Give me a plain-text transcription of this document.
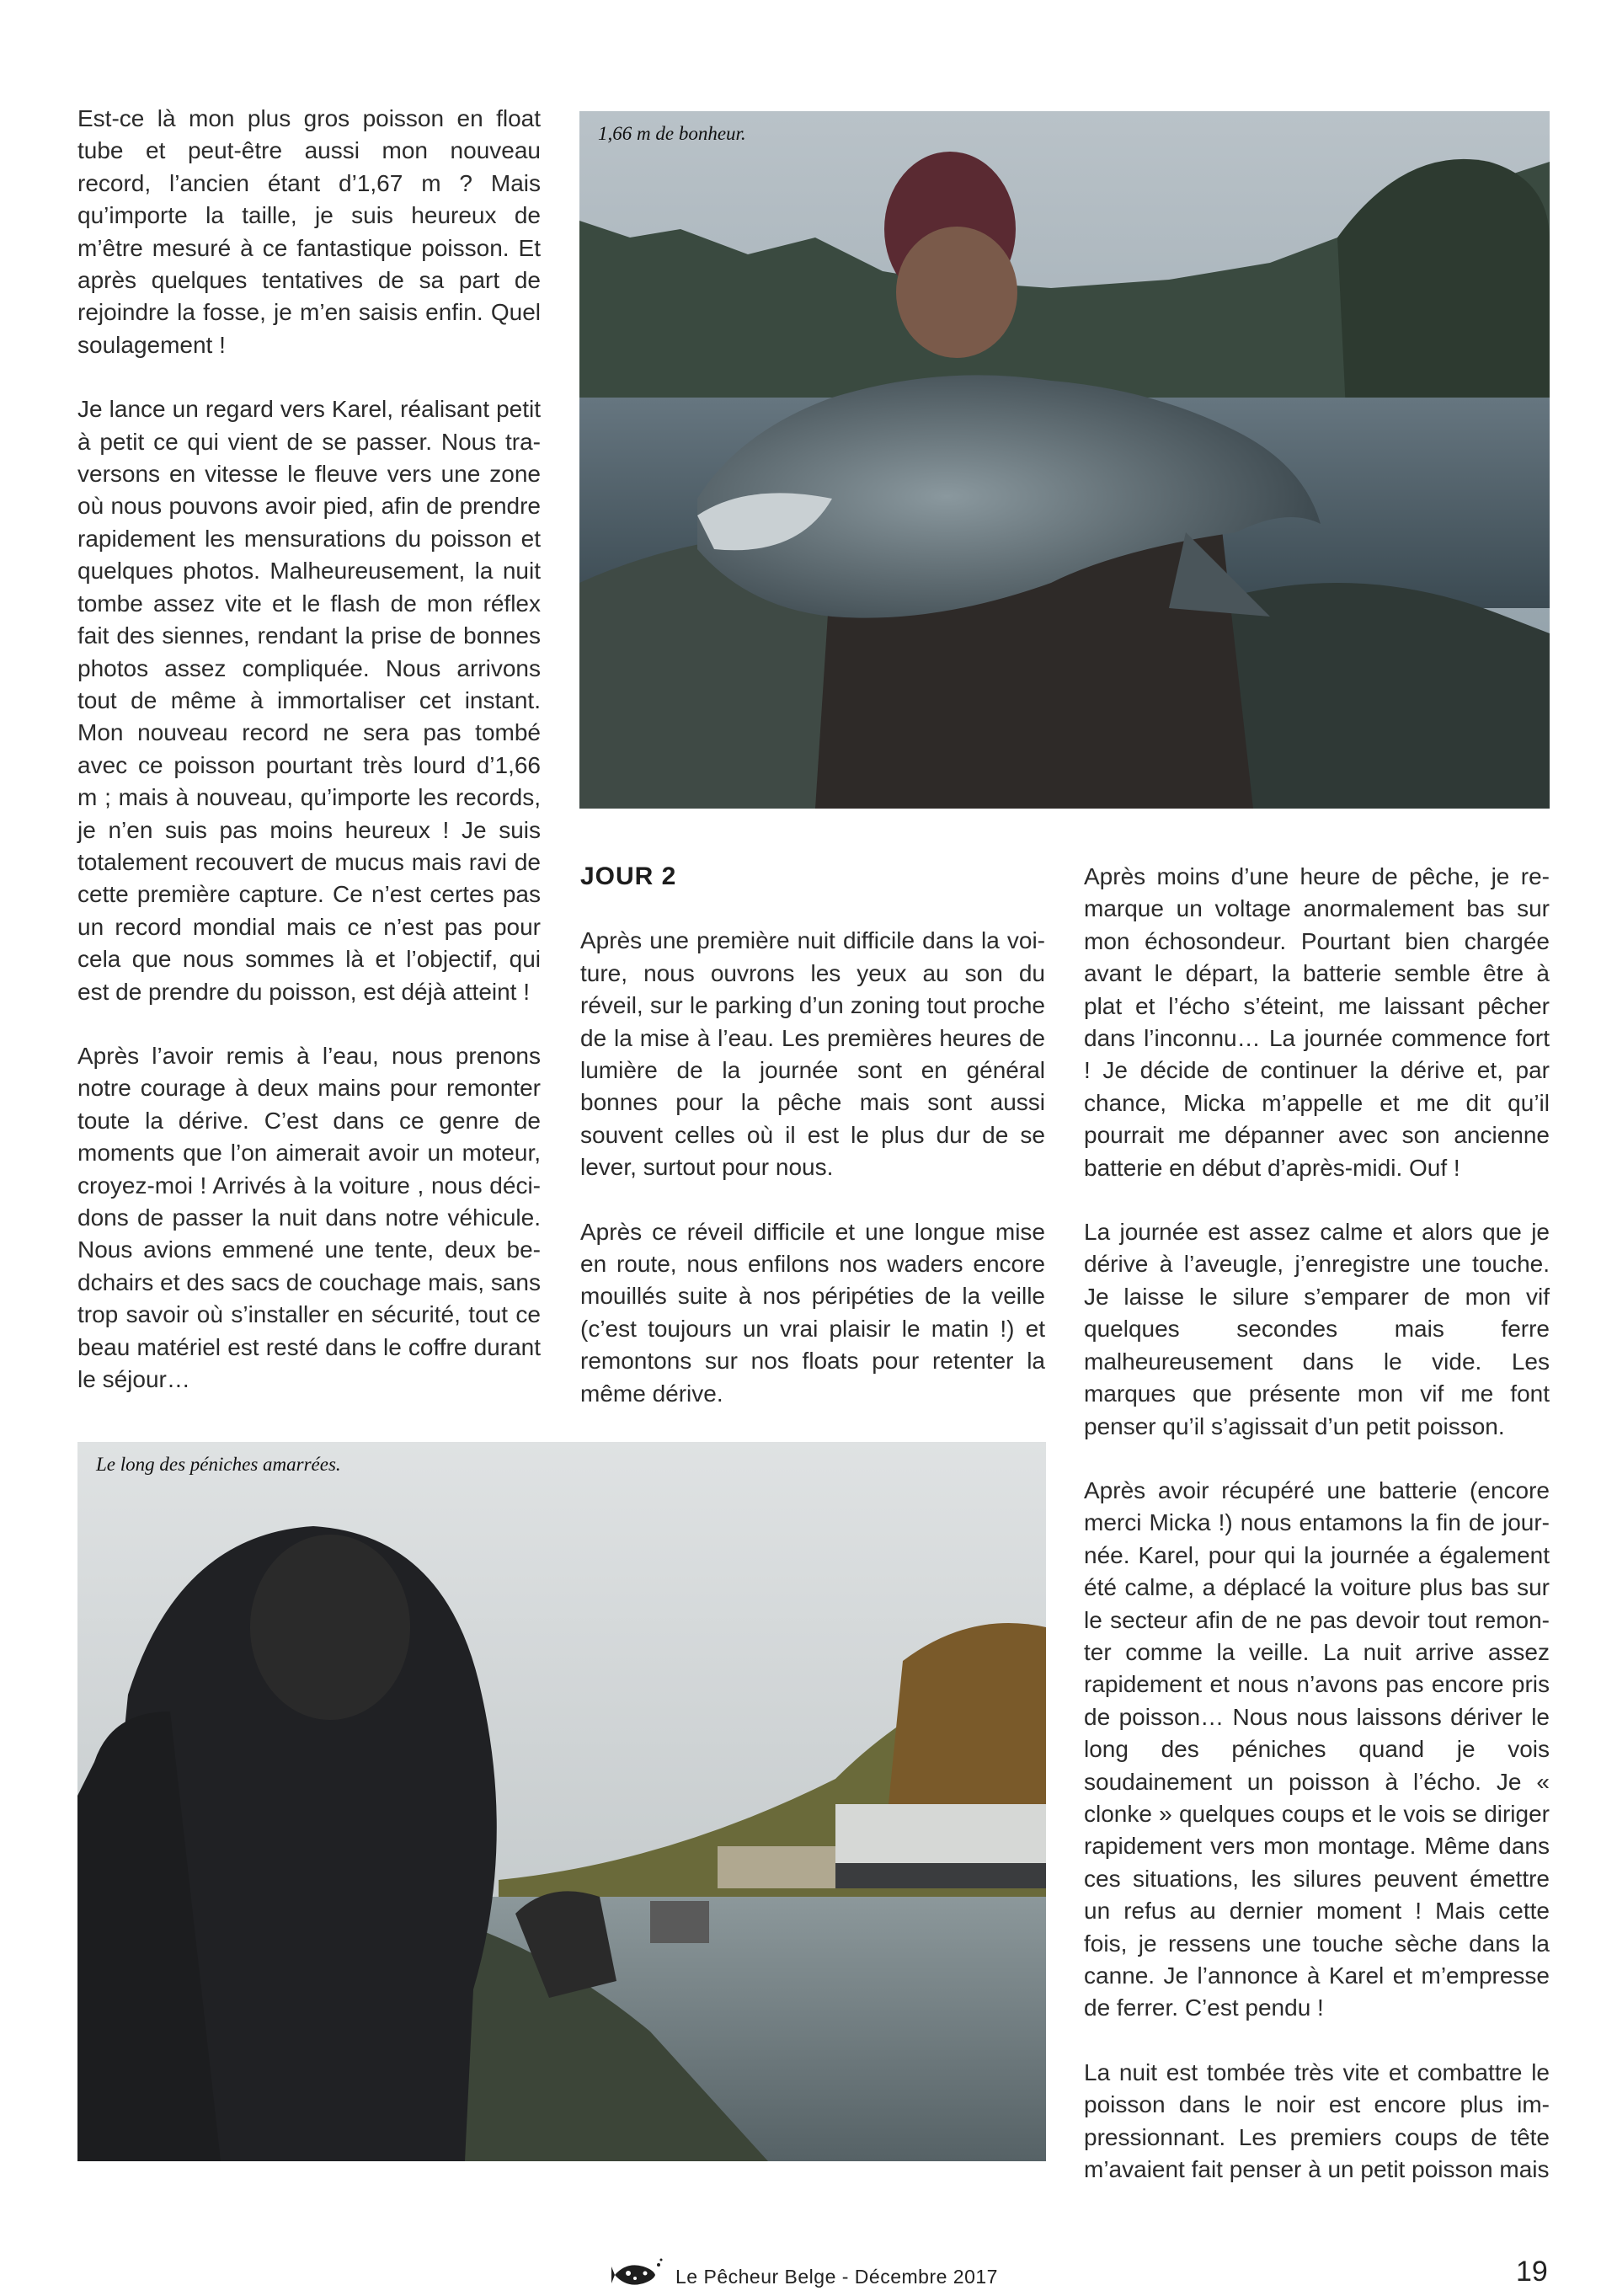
Est-ce là mon plus gros poisson en float tube et peut-être aussi mon nouveau record, l’ancien étant d’1,67 m ? Mais qu’importe la taille, je suis heureux de m’être mesuré à ce fantastique poisson. Et après quelques tentatives de sa part de rejoindre la fosse, je m’en saisis enfin. Quel soulagement !

Je lance un regard vers Karel, réalisant petit à petit ce qui vient de se passer. Nous traversons en vitesse le fleuve vers une zone où nous pouvons avoir pied, afin de prendre rapidement les mensurations du poisson et quelques photos. Malheureusement, la nuit tombe assez vite et le flash de mon réflex fait des siennes, rendant la prise de bonnes photos assez compliquée. Nous arrivons tout de même à immortaliser cet instant. Mon nouveau record ne sera pas tombé avec ce poisson pourtant très lourd d’1,66 m ; mais à nouveau, qu’importe les records, je n’en suis pas moins heureux ! Je suis totalement recouvert de mucus mais ravi de cette première capture. Ce n’est certes pas un record mondial mais ce n’est pas pour cela que nous sommes là et l’objectif, qui est de prendre du poisson, est déjà atteint !

Après l’avoir remis à l’eau, nous prenons notre courage à deux mains pour remonter toute la dérive. C’est dans ce genre de moments que l’on aimerait avoir un moteur, croyez-moi ! Arrivés à la voiture , nous décidons de passer la nuit dans notre véhicule. Nous avions emmené une tente, deux bedchairs et des sacs de couchage mais, sans trop savoir où s’installer en sécurité, tout ce beau matériel est resté dans le coffre durant le séjour…

1,66 m de bonheur.
JOUR 2

Après une première nuit difficile dans la voiture, nous ouvrons les yeux au son du réveil, sur le parking d’un zoning tout proche de la mise à l’eau. Les premières heures de lumière de la journée sont en général bonnes pour la pêche mais sont aussi souvent celles où il est le plus dur de se lever, surtout pour nous.

Après ce réveil difficile et une longue mise en route, nous enfilons nos waders encore mouillés suite à nos péripéties de la veille (c’est toujours un vrai plaisir le matin !) et remontons sur nos floats pour retenter la même dérive.

Après moins d’une heure de pêche, je remarque un voltage anormalement bas sur mon échosondeur. Pourtant bien chargée avant le départ, la batterie semble être à plat et l’écho s’éteint, me laissant pêcher dans l’inconnu… La journée commence fort ! Je décide de continuer la dérive et, par chance, Micka m’appelle et me dit qu’il pourrait me dépanner avec son ancienne batterie en début d’après-midi. Ouf !

La journée est assez calme et alors que je dérive à l’aveugle, j’enregistre une touche. Je laisse le silure s’emparer de mon vif quelques secondes mais ferre malheureusement dans le vide. Les marques que présente mon vif me font penser qu’il s’agissait d’un petit poisson.

Après avoir récupéré une batterie (encore merci Micka !) nous entamons la fin de journée. Karel, pour qui la journée a également été calme, a déplacé la voiture plus bas sur le secteur afin de ne pas devoir tout remonter comme la veille. La nuit arrive assez rapidement et nous n’avons pas encore pris de poisson… Nous nous laissons dériver le long des péniches quand je vois soudainement un poisson à l’écho. Je « clonke » quelques coups et le vois se diriger rapidement vers mon montage. Même dans ces situations, les silures peuvent émettre un refus au dernier moment ! Mais cette fois, je ressens une touche sèche dans la canne. Je l’annonce à Karel et m’empresse de ferrer. C’est pendu !

La nuit est tombée très vite et combattre le poisson dans le noir est encore plus impressionnant. Les premiers coups de tête m’avaient fait penser à un petit poisson mais

Le long des péniches amarrées.
Le Pêcheur Belge - Décembre 2017	19
